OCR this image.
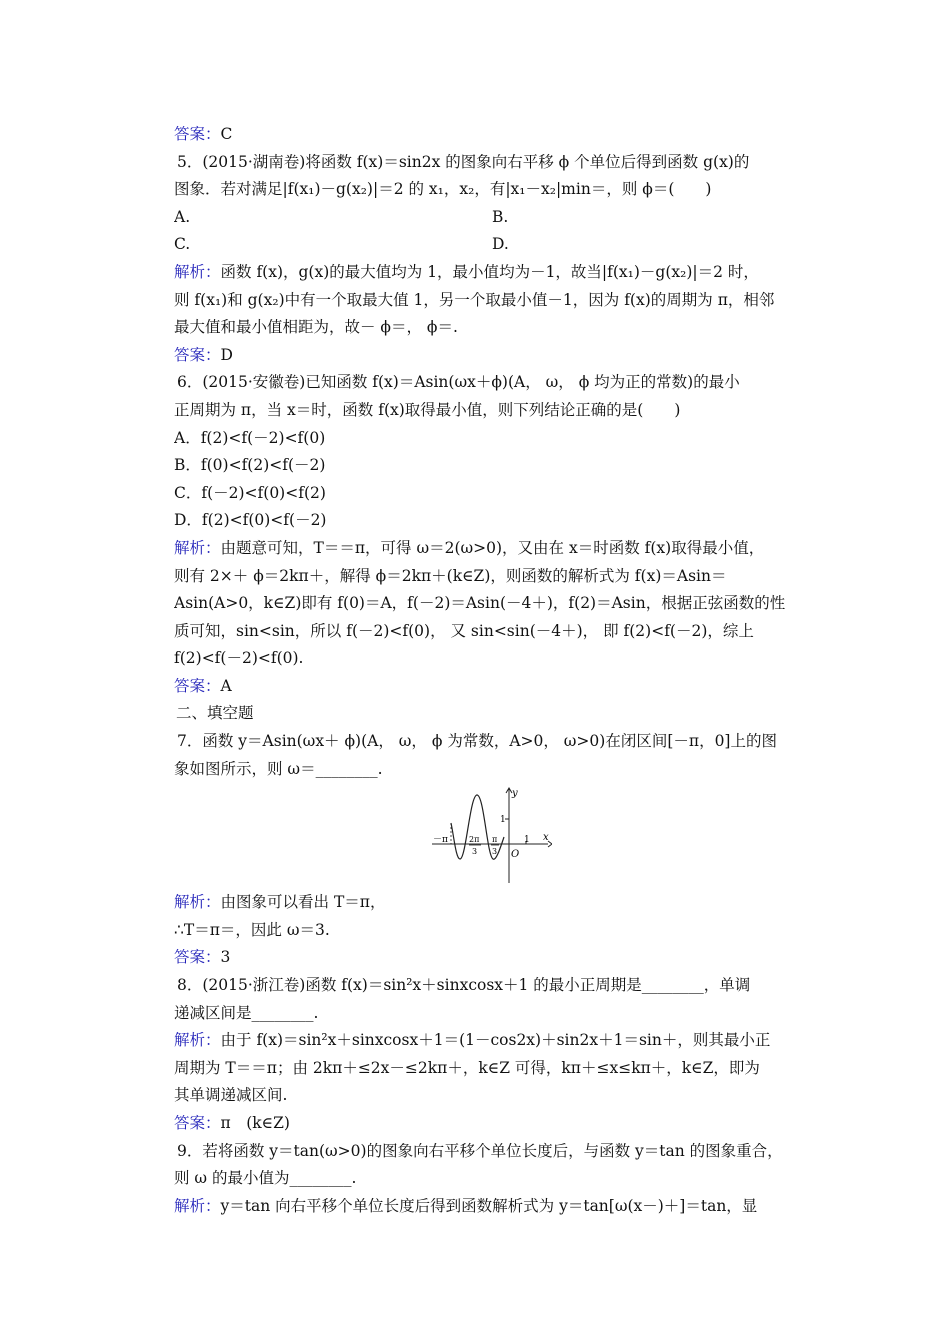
答案：C
5．(2015·湖南卷)将函数 f(x)＝sin2x 的图象向右平移 ϕ 个单位后得到函数 g(x)的
图象．若对满足|f(x₁)－g(x₂)|＝2 的 x₁，x₂，有|x₁－x₂|min＝，则 ϕ＝(　　)
A.	B.
C.	D.
解析：函数 f(x)，g(x)的最大值均为 1，最小值均为－1，故当|f(x₁)－g(x₂)|＝2 时，
则 f(x₁)和 g(x₂)中有一个取最大值 1，另一个取最小值－1，因为 f(x)的周期为 π，相邻
最大值和最小值相距为，故－ ϕ＝， ϕ＝.
答案：D
6．(2015·安徽卷)已知函数 f(x)＝Asin(ωx＋ϕ)(A， ω， ϕ 均为正的常数)的最小
正周期为 π，当 x＝时，函数 f(x)取得最小值，则下列结论正确的是(　　)
A．f(2)<f(－2)<f(0)
B．f(0)<f(2)<f(－2)
C．f(－2)<f(0)<f(2)
D．f(2)<f(0)<f(－2)
解析：由题意可知，T＝＝π，可得 ω＝2(ω>0)，又由在 x＝时函数 f(x)取得最小值，
则有 2×＋ ϕ＝2kπ＋，解得 ϕ＝2kπ＋(k∈Z)，则函数的解析式为 f(x)＝Asin＝
Asin(A>0，k∈Z)即有 f(0)＝A，f(－2)＝Asin(－4＋)，f(2)＝Asin，根据正弦函数的性
质可知，sin<sin，所以 f(－2)<f(0)， 又 sin<sin(－4＋)， 即 f(2)<f(－2)，综上
f(2)<f(－2)<f(0).
答案：A
二、填空题
7．函数 y＝Asin(ωx＋ ϕ)(A， ω， ϕ 为常数，A>0， ω>0)在闭区间[－π，0]上的图
象如图所示，则 ω＝________.
y
x
O
1
1
－π	2π
3
π
3
解析：由图象可以看出 T＝π，
∴T＝π＝，因此 ω＝3.
答案：3
8．(2015·浙江卷)函数 f(x)＝sin²x＋sinxcosx＋1 的最小正周期是________，单调
递减区间是________.
解析：由于 f(x)＝sin²x＋sinxcosx＋1＝(1－cos2x)＋sin2x＋1＝sin＋，则其最小正
周期为 T＝＝π；由 2kπ＋≤2x－≤2kπ＋，k∈Z 可得，kπ＋≤x≤kπ＋，k∈Z，即为
其单调递减区间.
答案：π　(k∈Z)
9．若将函数 y＝tan(ω>0)的图象向右平移个单位长度后，与函数 y＝tan 的图象重合，
则 ω 的最小值为________.
解析：y＝tan 向右平移个单位长度后得到函数解析式为 y＝tan[ω(x－)＋]＝tan，显
